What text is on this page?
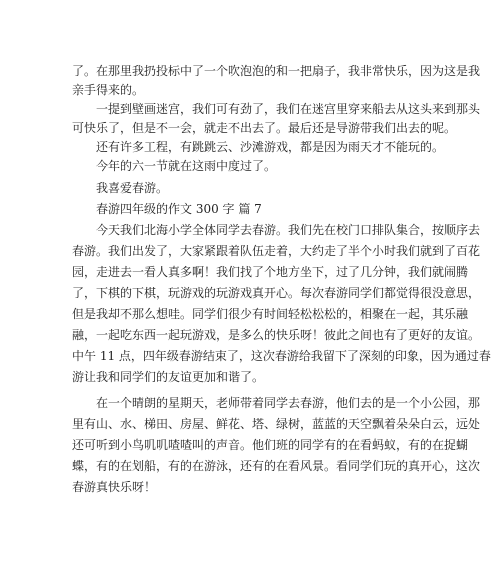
了。在那里我扔投标中了一个吹泡泡的和一把扇子，我非常快乐，因为这是我
亲手得来的。
一提到壁画迷宫，我们可有劲了，我们在迷宫里穿来船去从这头来到那头
可快乐了，但是不一会，就走不出去了。最后还是导游带我们出去的呢。
还有许多工程，有跳跳云、沙滩游戏，都是因为雨天才不能玩的。
今年的六一节就在这雨中度过了。
我喜爱春游。
春游四年级的作文 300 字 篇 7
今天我们北海小学全体同学去春游。我们先在校门口排队集合，按顺序去
春游。我们出发了，大家紧跟着队伍走着，大约走了半个小时我们就到了百花
园，走进去一看人真多啊！我们找了个地方坐下，过了几分钟，我们就闹腾
了，下棋的下棋，玩游戏的玩游戏真开心。每次春游同学们都觉得很没意思，
但是我却不那么想哇。同学们很少有时间轻松松松的，相聚在一起，其乐融
融，一起吃东西一起玩游戏，是多么的快乐呀！彼此之间也有了更好的友谊。
中午 11 点，四年级春游结束了，这次春游给我留下了深刻的印象，因为通过春
游让我和同学们的友谊更加和谐了。
在一个晴朗的星期天，老师带着同学去春游，他们去的是一个小公园，那
里有山、水、梯田、房屋、鲜花、塔、绿树，蓝蓝的天空飘着朵朵白云，远处
还可听到小鸟叽叽喳喳叫的声音。他们班的同学有的在看蚂蚁，有的在捉蝴
蝶，有的在划船，有的在游泳，还有的在看风景。看同学们玩的真开心，这次
春游真快乐呀！
